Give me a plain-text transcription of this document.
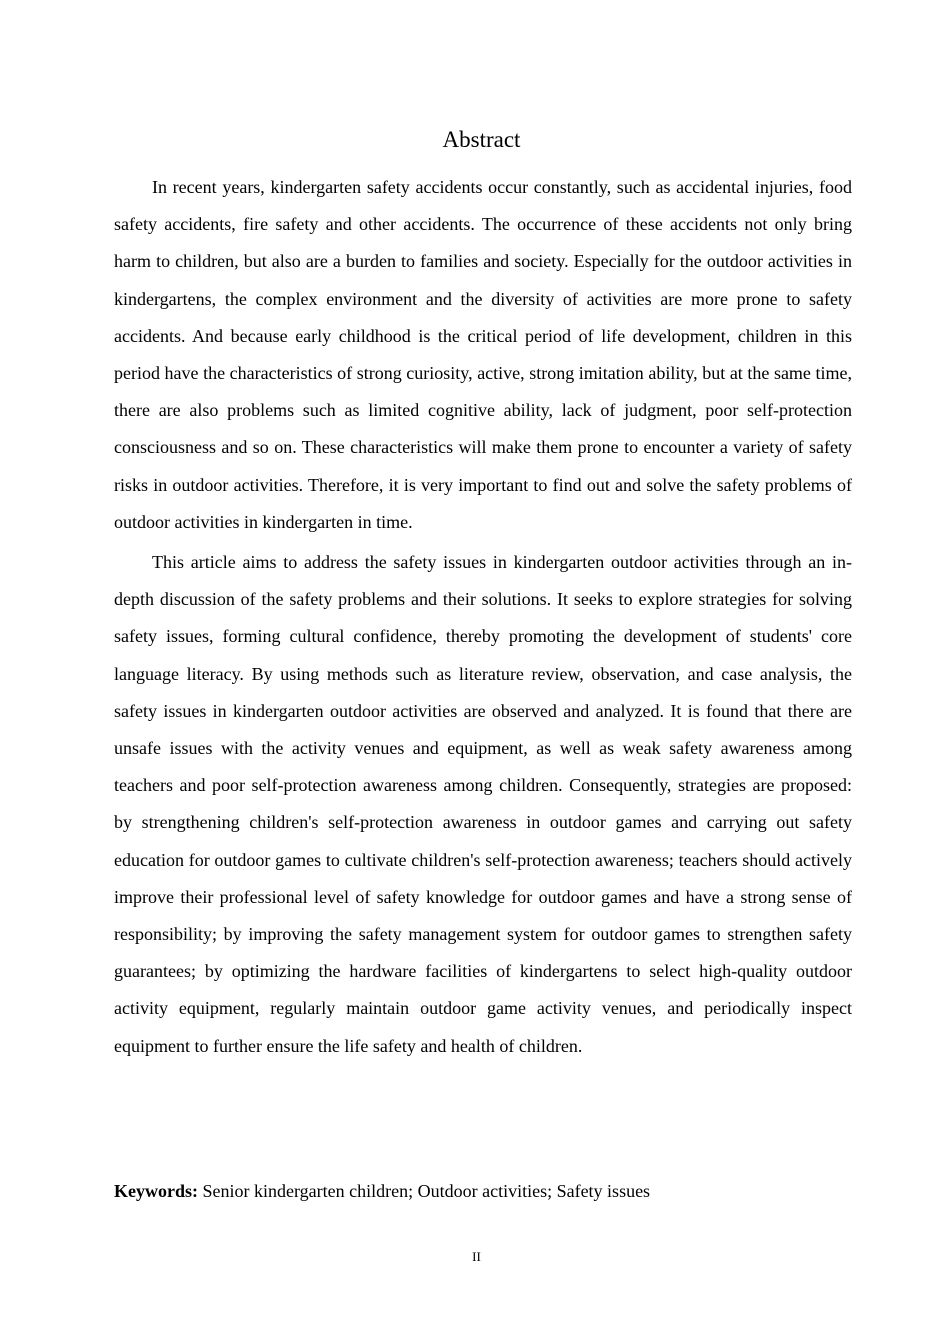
Abstract

In recent years, kindergarten safety accidents occur constantly, such as accidental injuries, food safety accidents, fire safety and other accidents. The occurrence of these accidents not only bring harm to children, but also are a burden to families and society. Especially for the outdoor activities in kindergartens, the complex environment and the diversity of activities are more prone to safety accidents. And because early childhood is the critical period of life development, children in this period have the characteristics of strong curiosity, active, strong imitation ability, but at the same time, there are also problems such as limited cognitive ability, lack of judgment, poor self-protection consciousness and so on. These characteristics will make them prone to encounter a variety of safety risks in outdoor activities. Therefore, it is very important to find out and solve the safety problems of outdoor activities in kindergarten in time.

This article aims to address the safety issues in kindergarten outdoor activities through an in-depth discussion of the safety problems and their solutions. It seeks to explore strategies for solving safety issues, forming cultural confidence, thereby promoting the development of students' core language literacy. By using methods such as literature review, observation, and case analysis, the safety issues in kindergarten outdoor activities are observed and analyzed. It is found that there are unsafe issues with the activity venues and equipment, as well as weak safety awareness among teachers and poor self-protection awareness among children. Consequently, strategies are proposed: by strengthening children's self-protection awareness in outdoor games and carrying out safety education for outdoor games to cultivate children's self-protection awareness; teachers should actively improve their professional level of safety knowledge for outdoor games and have a strong sense of responsibility; by improving the safety management system for outdoor games to strengthen safety guarantees; by optimizing the hardware facilities of kindergartens to select high-quality outdoor activity equipment, regularly maintain outdoor game activity venues, and periodically inspect equipment to further ensure the life safety and health of children.

Keywords: Senior kindergarten children; Outdoor activities; Safety issues

II
